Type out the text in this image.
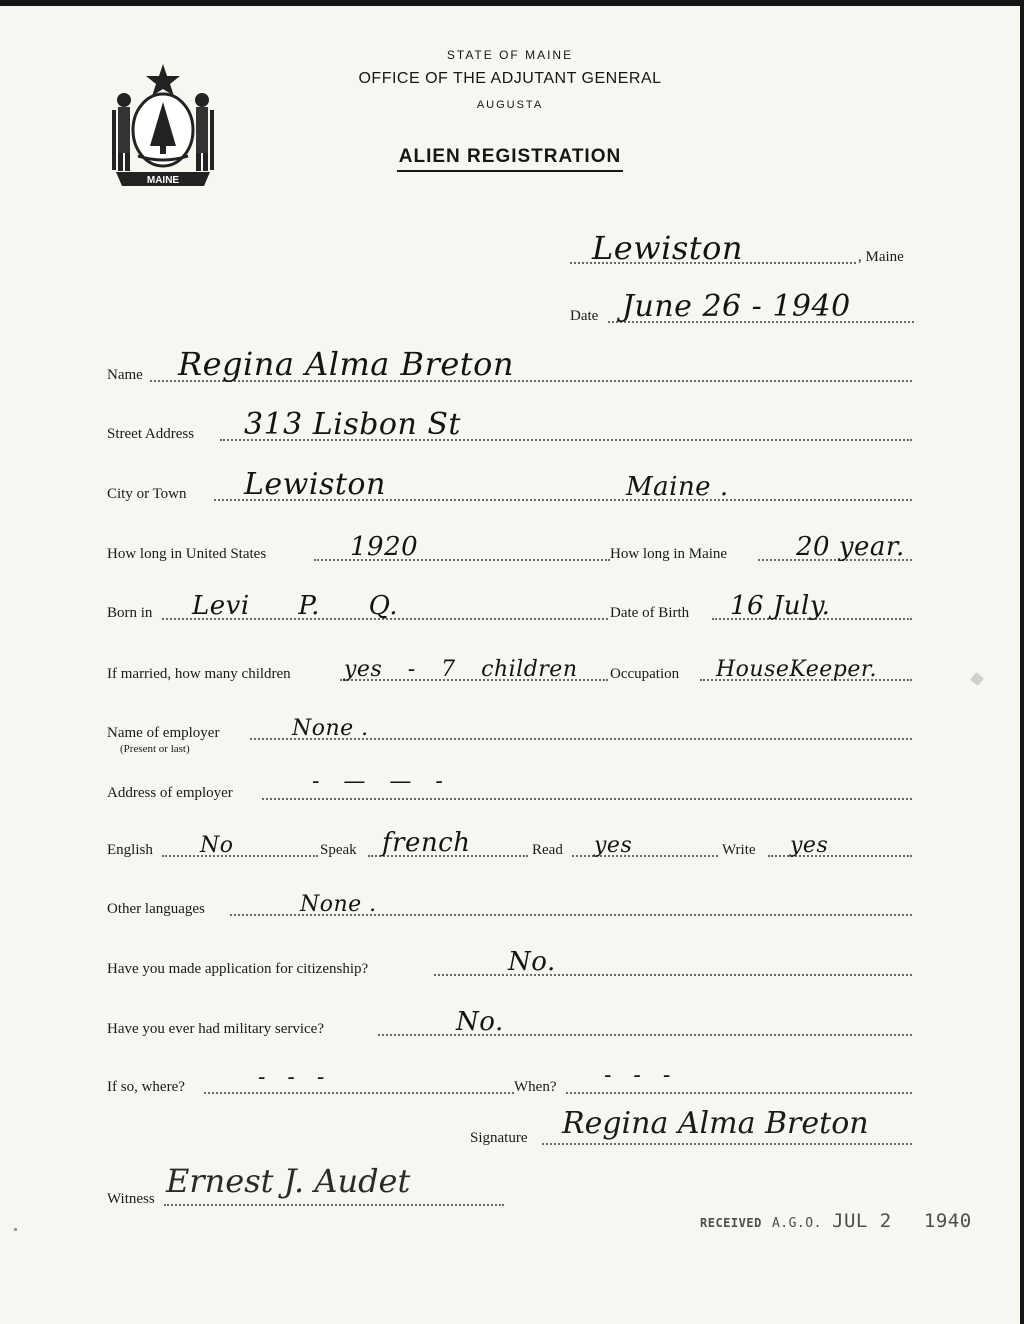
MAINE
STATE OF MAINE
OFFICE OF THE ADJUTANT GENERAL
AUGUSTA
ALIEN REGISTRATION
Lewiston	, Maine
Date June 26 - 1940
Name Regina Alma Breton
Street Address 313 Lisbon St
City or Town Lewiston	Maine .
How long in United States	1920	How long in Maine	20 year.
Born in Levi P. Q.	Date of Birth 16 July.
If married, how many children yes - 7 children Occupation HouseKeeper.
Name of employer	None .
(Present or last)
Address of employer	- — — -
English No	Speak french	Read yes	Write yes
Other languages	None .
Have you made application for citizenship?	No.
Have you ever had military service?	No.
If so, where?	- - -	When? - - -
Signature Regina Alma Breton
Witness Ernest J. Audet
RECEIVED A.G.O. JUL 2 1940
